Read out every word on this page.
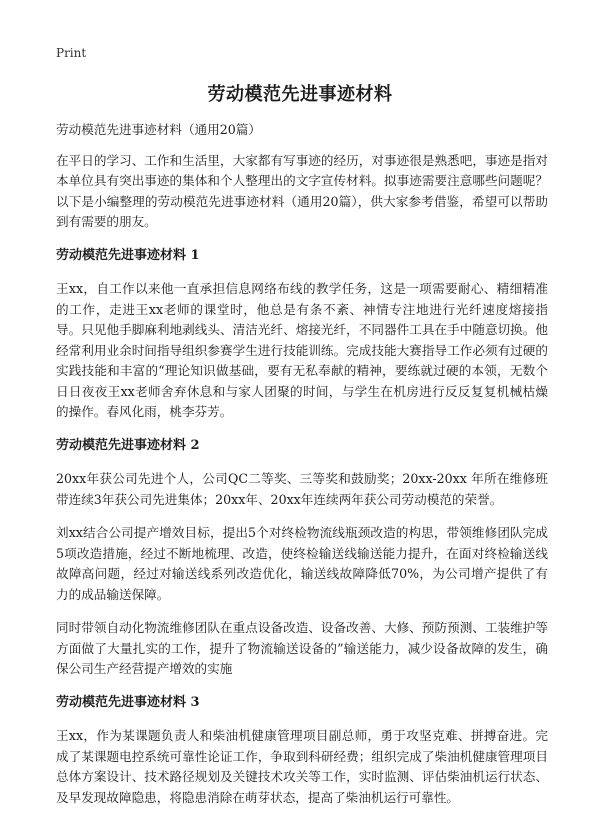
Print
劳动模范先进事迹材料

劳动模范先进事迹材料（通用20篇）

在平日的学习、工作和生活里，大家都有写事迹的经历，对事迹很是熟悉吧，事迹是指对本单位具有突出事迹的集体和个人整理出的文字宣传材料。拟事迹需要注意哪些问题呢？以下是小编整理的劳动模范先进事迹材料（通用20篇），供大家参考借鉴，希望可以帮助到有需要的朋友。

劳动模范先进事迹材料 1

王xx，自工作以来他一直承担信息网络布线的教学任务，这是一项需要耐心、精细精准的工作，走进王xx老师的课堂时，他总是有条不紊、神情专注地进行光纤速度熔接指导。只见他手脚麻利地剥线头、清洁光纤、熔接光纤，不同器件工具在手中随意切换。他经常利用业余时间指导组织参赛学生进行技能训练。完成技能大赛指导工作必须有过硬的实践技能和丰富的“理论知识做基础，要有无私奉献的精神，要练就过硬的本领，无数个日日夜夜王xx老师舍弃休息和与家人团聚的时间，与学生在机房进行反反复复机械枯燥的操作。春风化雨，桃李芬芳。

劳动模范先进事迹材料 2

20xx年获公司先进个人，公司QC二等奖、三等奖和鼓励奖；20xx-20xx 年所在维修班带连续3年获公司先进集体；20xx年、20xx年连续两年获公司劳动模范的荣誉。

刘xx结合公司提产增效目标，提出5个对终检物流线瓶颈改造的构思，带领维修团队完成5项改造措施，经过不断地梳理、改造，使终检输送线输送能力提升，在面对终检输送线故障高问题，经过对输送线系列改造优化，输送线故障降低70%，为公司增产提供了有力的成品输送保障。

同时带领自动化物流维修团队在重点设备改造、设备改善、大修、预防预测、工装维护等方面做了大量扎实的工作，提升了物流输送设备的”输送能力，减少设备故障的发生，确保公司生产经营提产增效的实施

劳动模范先进事迹材料 3

王xx，作为某课题负责人和柴油机健康管理项目副总师，勇于攻坚克难、拼搏奋进。完成了某课题电控系统可靠性论证工作，争取到科研经费；组织完成了柴油机健康管理项目总体方案设计、技术路径规划及关键技术攻关等工作，实时监测、评估柴油机运行状态、及早发现故障隐患，将隐患消除在萌芽状态，提高了柴油机运行可靠性。
